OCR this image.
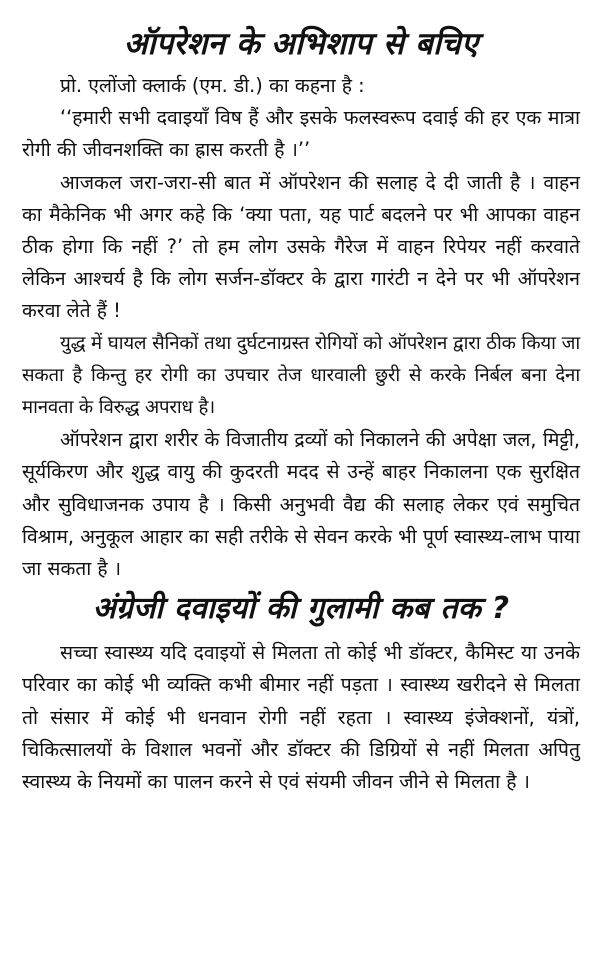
ऑपरेशन के अभिशाप से बचिए

प्रो. एलोंजो क्लार्क (एम. डी.) का कहना है :

‘‘हमारी सभी दवाइयाँ विष हैं और इसके फलस्वरूप दवाई की हर एक मात्रा रोगी की जीवनशक्ति का ह्रास करती है ।’’

आजकल जरा-जरा-सी बात में ऑपरेशन की सलाह दे दी जाती है । वाहन का मैकेनिक भी अगर कहे कि ‘क्या पता, यह पार्ट बदलने पर भी आपका वाहन ठीक होगा कि नहीं ?’ तो हम लोग उसके गैरेज में वाहन रिपेयर नहीं करवाते लेकिन आश्चर्य है कि लोग सर्जन-डॉक्टर के द्वारा गारंटी न देने पर भी ऑपरेशन करवा लेते हैं !

युद्ध में घायल सैनिकों तथा दुर्घटनाग्रस्त रोगियों को ऑपरेशन द्वारा ठीक किया जा सकता है किन्तु हर रोगी का उपचार तेज धारवाली छुरी से करके निर्बल बना देना मानवता के विरुद्ध अपराध है।

ऑपरेशन द्वारा शरीर के विजातीय द्रव्यों को निकालने की अपेक्षा जल, मिट्टी, सूर्यकिरण और शुद्ध वायु की कुदरती मदद से उन्हें बाहर निकालना एक सुरक्षित और सुविधाजनक उपाय है । किसी अनुभवी वैद्य की सलाह लेकर एवं समुचित विश्राम, अनुकूल आहार का सही तरीके से सेवन करके भी पूर्ण स्वास्थ्य-लाभ पाया जा सकता है ।

अंग्रेजी दवाइयों की गुलामी कब तक ?

सच्चा स्वास्थ्य यदि दवाइयों से मिलता तो कोई भी डॉक्टर, कैमिस्ट या उनके परिवार का कोई भी व्यक्ति कभी बीमार नहीं पड़ता । स्वास्थ्य खरीदने से मिलता तो संसार में कोई भी धनवान रोगी नहीं रहता । स्वास्थ्य इंजेक्शनों, यंत्रों, चिकित्सालयों के विशाल भवनों और डॉक्टर की डिग्रियों से नहीं मिलता अपितु स्वास्थ्य के नियमों का पालन करने से एवं संयमी जीवन जीने से मिलता है ।
